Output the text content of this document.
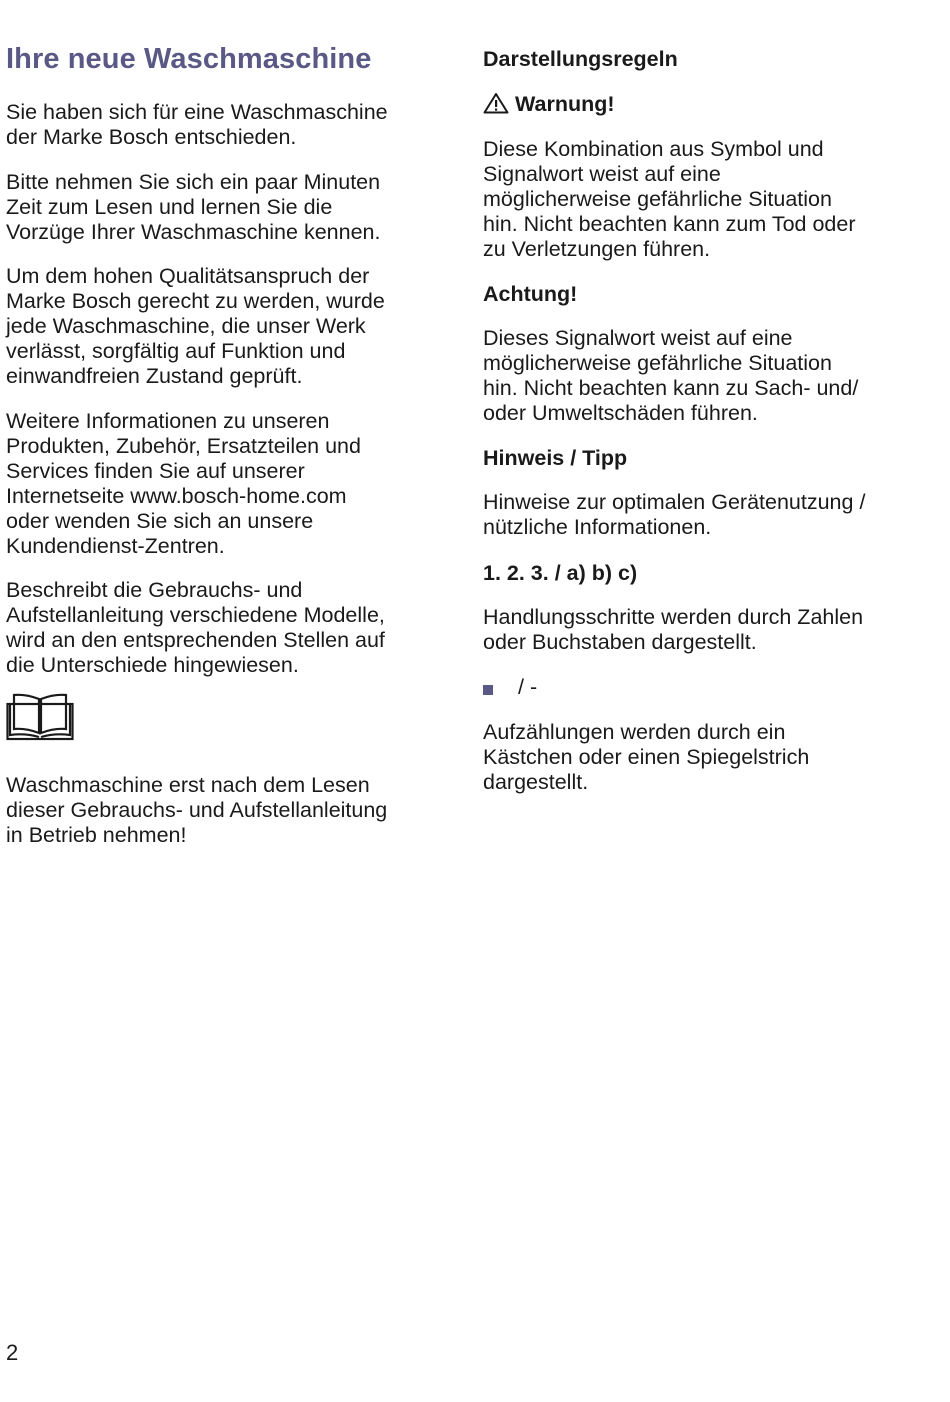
Ihre neue Waschmaschine

Sie haben sich für eine Waschmaschine
der Marke Bosch entschieden.

Bitte nehmen Sie sich ein paar Minuten
Zeit zum Lesen und lernen Sie die
Vorzüge Ihrer Waschmaschine kennen.

Um dem hohen Qualitätsanspruch der
Marke Bosch gerecht zu werden, wurde
jede Waschmaschine, die unser Werk
verlässt, sorgfältig auf Funktion und
einwandfreien Zustand geprüft.

Weitere Informationen zu unseren
Produkten, Zubehör, Ersatzteilen und
Services finden Sie auf unserer
Internetseite www.bosch-home.com
oder wenden Sie sich an unsere
Kundendienst-Zentren.

Beschreibt die Gebrauchs- und
Aufstellanleitung verschiedene Modelle,
wird an den entsprechenden Stellen auf
die Unterschiede hingewiesen.

Waschmaschine erst nach dem Lesen
dieser Gebrauchs- und Aufstellanleitung
in Betrieb nehmen!

Darstellungsregeln
Warnung!

Diese Kombination aus Symbol und
Signalwort weist auf eine
möglicherweise gefährliche Situation
hin. Nicht beachten kann zum Tod oder
zu Verletzungen führen.

Achtung!

Dieses Signalwort weist auf eine
möglicherweise gefährliche Situation
hin. Nicht beachten kann zu Sach- und/
oder Umweltschäden führen.

Hinweis / Tipp

Hinweise zur optimalen Gerätenutzung /
nützliche Informationen.

1. 2. 3. / a) b) c)

Handlungsschritte werden durch Zahlen
oder Buchstaben dargestellt.

/ -

Aufzählungen werden durch ein
Kästchen oder einen Spiegelstrich
dargestellt.

2
